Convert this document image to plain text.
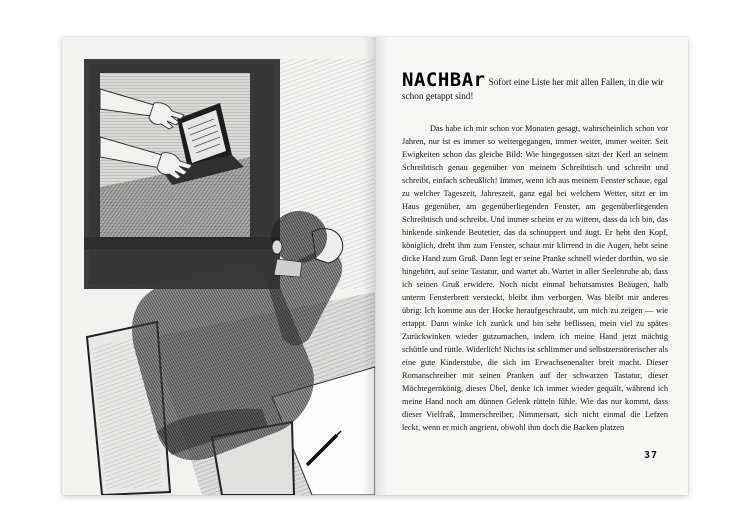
NACHBAr Sofort eine Liste her mit allen Fallen, in die wir schon getappt sind!

Das habe ich mir schon vor Monaten gesagt, wahrscheinlich schon vor Jahren, nur ist es immer so weitergegangen, immer weiter, immer weiter. Seit Ewigkeiten schon das gleiche Bild: Wie hingegossen sitzt der Kerl an seinem Schreibtisch genau gegenüber von meinem Schreibtisch und schreibt und schreibt, einfach scheußlich! Immer, wenn ich aus meinem Fenster schaue, egal zu welcher Tageszeit, Jahreszeit, ganz egal bei welchem Wetter, sitzt er im Haus gegenüber, am gegenüberliegenden Fenster, am gegenüberliegenden Schreibtisch und schreibt. Und immer scheint er zu wittern, dass da ich bin, das hinkende sinkende Beutetier, das da schnuppert und äugt. Er hebt den Kopf, königlich, dreht ihm zum Fenster, schaut mir klirrend in die Augen, hebt seine dicke Hand zum Gruß. Dann legt er seine Pranke schnell wieder dorthin, wo sie hingehört, auf seine Tastatur, und wartet ab. Wartet in aller Seelenruhe ab, dass ich seinen Gruß erwidere. Noch nicht einmal behutsamstes Beäugen, halb unterm Fensterbrett versteckt, bleibt ihm verborgen. Was bleibt mir anderes übrig: Ich komme aus der Hocke heraufgeschraubt, um mich zu zeigen — wie ertappt. Dann winke ich zurück und bin sehr beflissen, mein viel zu spätes Zurückwinken wieder gutzumachen, indem ich meine Hand jetzt mächtig schüttle und rüttle. Widerlich! Nichts ist schlimmer und selbstzerstörerischer als eine gute Kinderstube, die sich im Erwachsenenalter breit macht. Dieser Romanschreiber mit seinen Pranken auf der schwarzen Tastatur, dieser Möchtegernkönig, dieses Übel, denke ich immer wieder gequält, während ich meine Hand noch am dünnen Gelenk rütteln fühle. Wie das nur kommt, dass dieser Vielfraß, Immerschreiber, Nimmersatt, sich nicht einmal die Lefzen leckt, wenn er mich angrient, obwohl ihm doch die Backen platzen

37
